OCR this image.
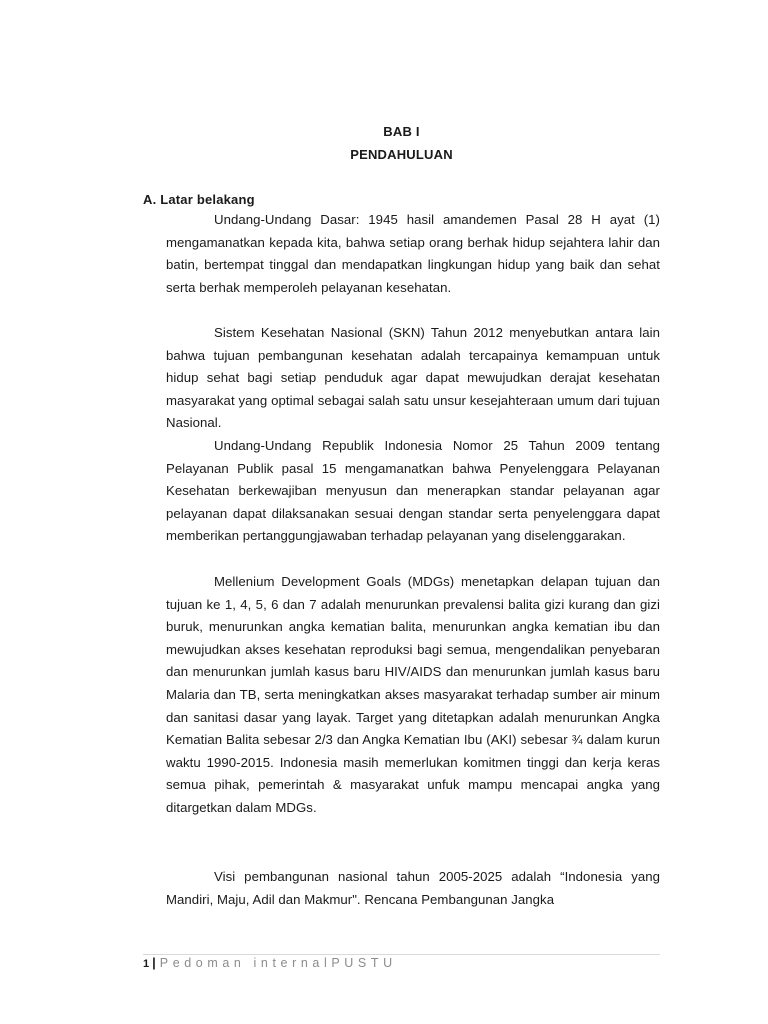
BAB I
PENDAHULUAN
A. Latar belakang

Undang-Undang Dasar: 1945 hasil amandemen Pasal 28 H ayat (1) mengamanatkan kepada kita, bahwa setiap orang berhak hidup sejahtera lahir dan batin, bertempat tinggal dan mendapatkan lingkungan hidup yang baik dan sehat serta berhak memperoleh pelayanan kesehatan.

Sistem Kesehatan Nasional (SKN) Tahun 2012 menyebutkan antara lain bahwa tujuan pembangunan kesehatan adalah tercapainya kemampuan untuk hidup sehat bagi setiap penduduk agar dapat mewujudkan derajat kesehatan masyarakat yang optimal sebagai salah satu unsur kesejahteraan umum dari tujuan Nasional.

Undang-Undang Republik Indonesia Nomor 25 Tahun 2009 tentang Pelayanan Publik pasal 15 mengamanatkan bahwa Penyelenggara Pelayanan Kesehatan berkewajiban menyusun dan menerapkan standar pelayanan agar pelayanan dapat dilaksanakan sesuai dengan standar serta penyelenggara dapat memberikan pertanggungjawaban terhadap pelayanan yang diselenggarakan.

Mellenium Development Goals (MDGs) menetapkan delapan tujuan dan tujuan ke 1, 4, 5, 6 dan 7 adalah menurunkan prevalensi balita gizi kurang dan gizi buruk, menurunkan angka kematian balita, menurunkan angka kematian ibu dan mewujudkan akses kesehatan reproduksi bagi semua, mengendalikan penyebaran dan menurunkan jumlah kasus baru HIV/AIDS dan menurunkan jumlah kasus baru Malaria dan TB, serta meningkatkan akses masyarakat terhadap sumber air minum dan sanitasi dasar yang layak. Target yang ditetapkan adalah menurunkan Angka Kematian Balita sebesar 2/3 dan Angka Kematian Ibu (AKI) sebesar ¾ dalam kurun waktu 1990-2015. Indonesia masih memerlukan komitmen tinggi dan kerja keras semua pihak, pemerintah & masyarakat unfuk mampu mencapai angka yang ditargetkan dalam MDGs.

Visi pembangunan nasional tahun 2005-2025 adalah “Indonesia yang Mandiri, Maju, Adil dan Makmur". Rencana Pembangunan Jangka

1 | Pedoman internalPUSTU
